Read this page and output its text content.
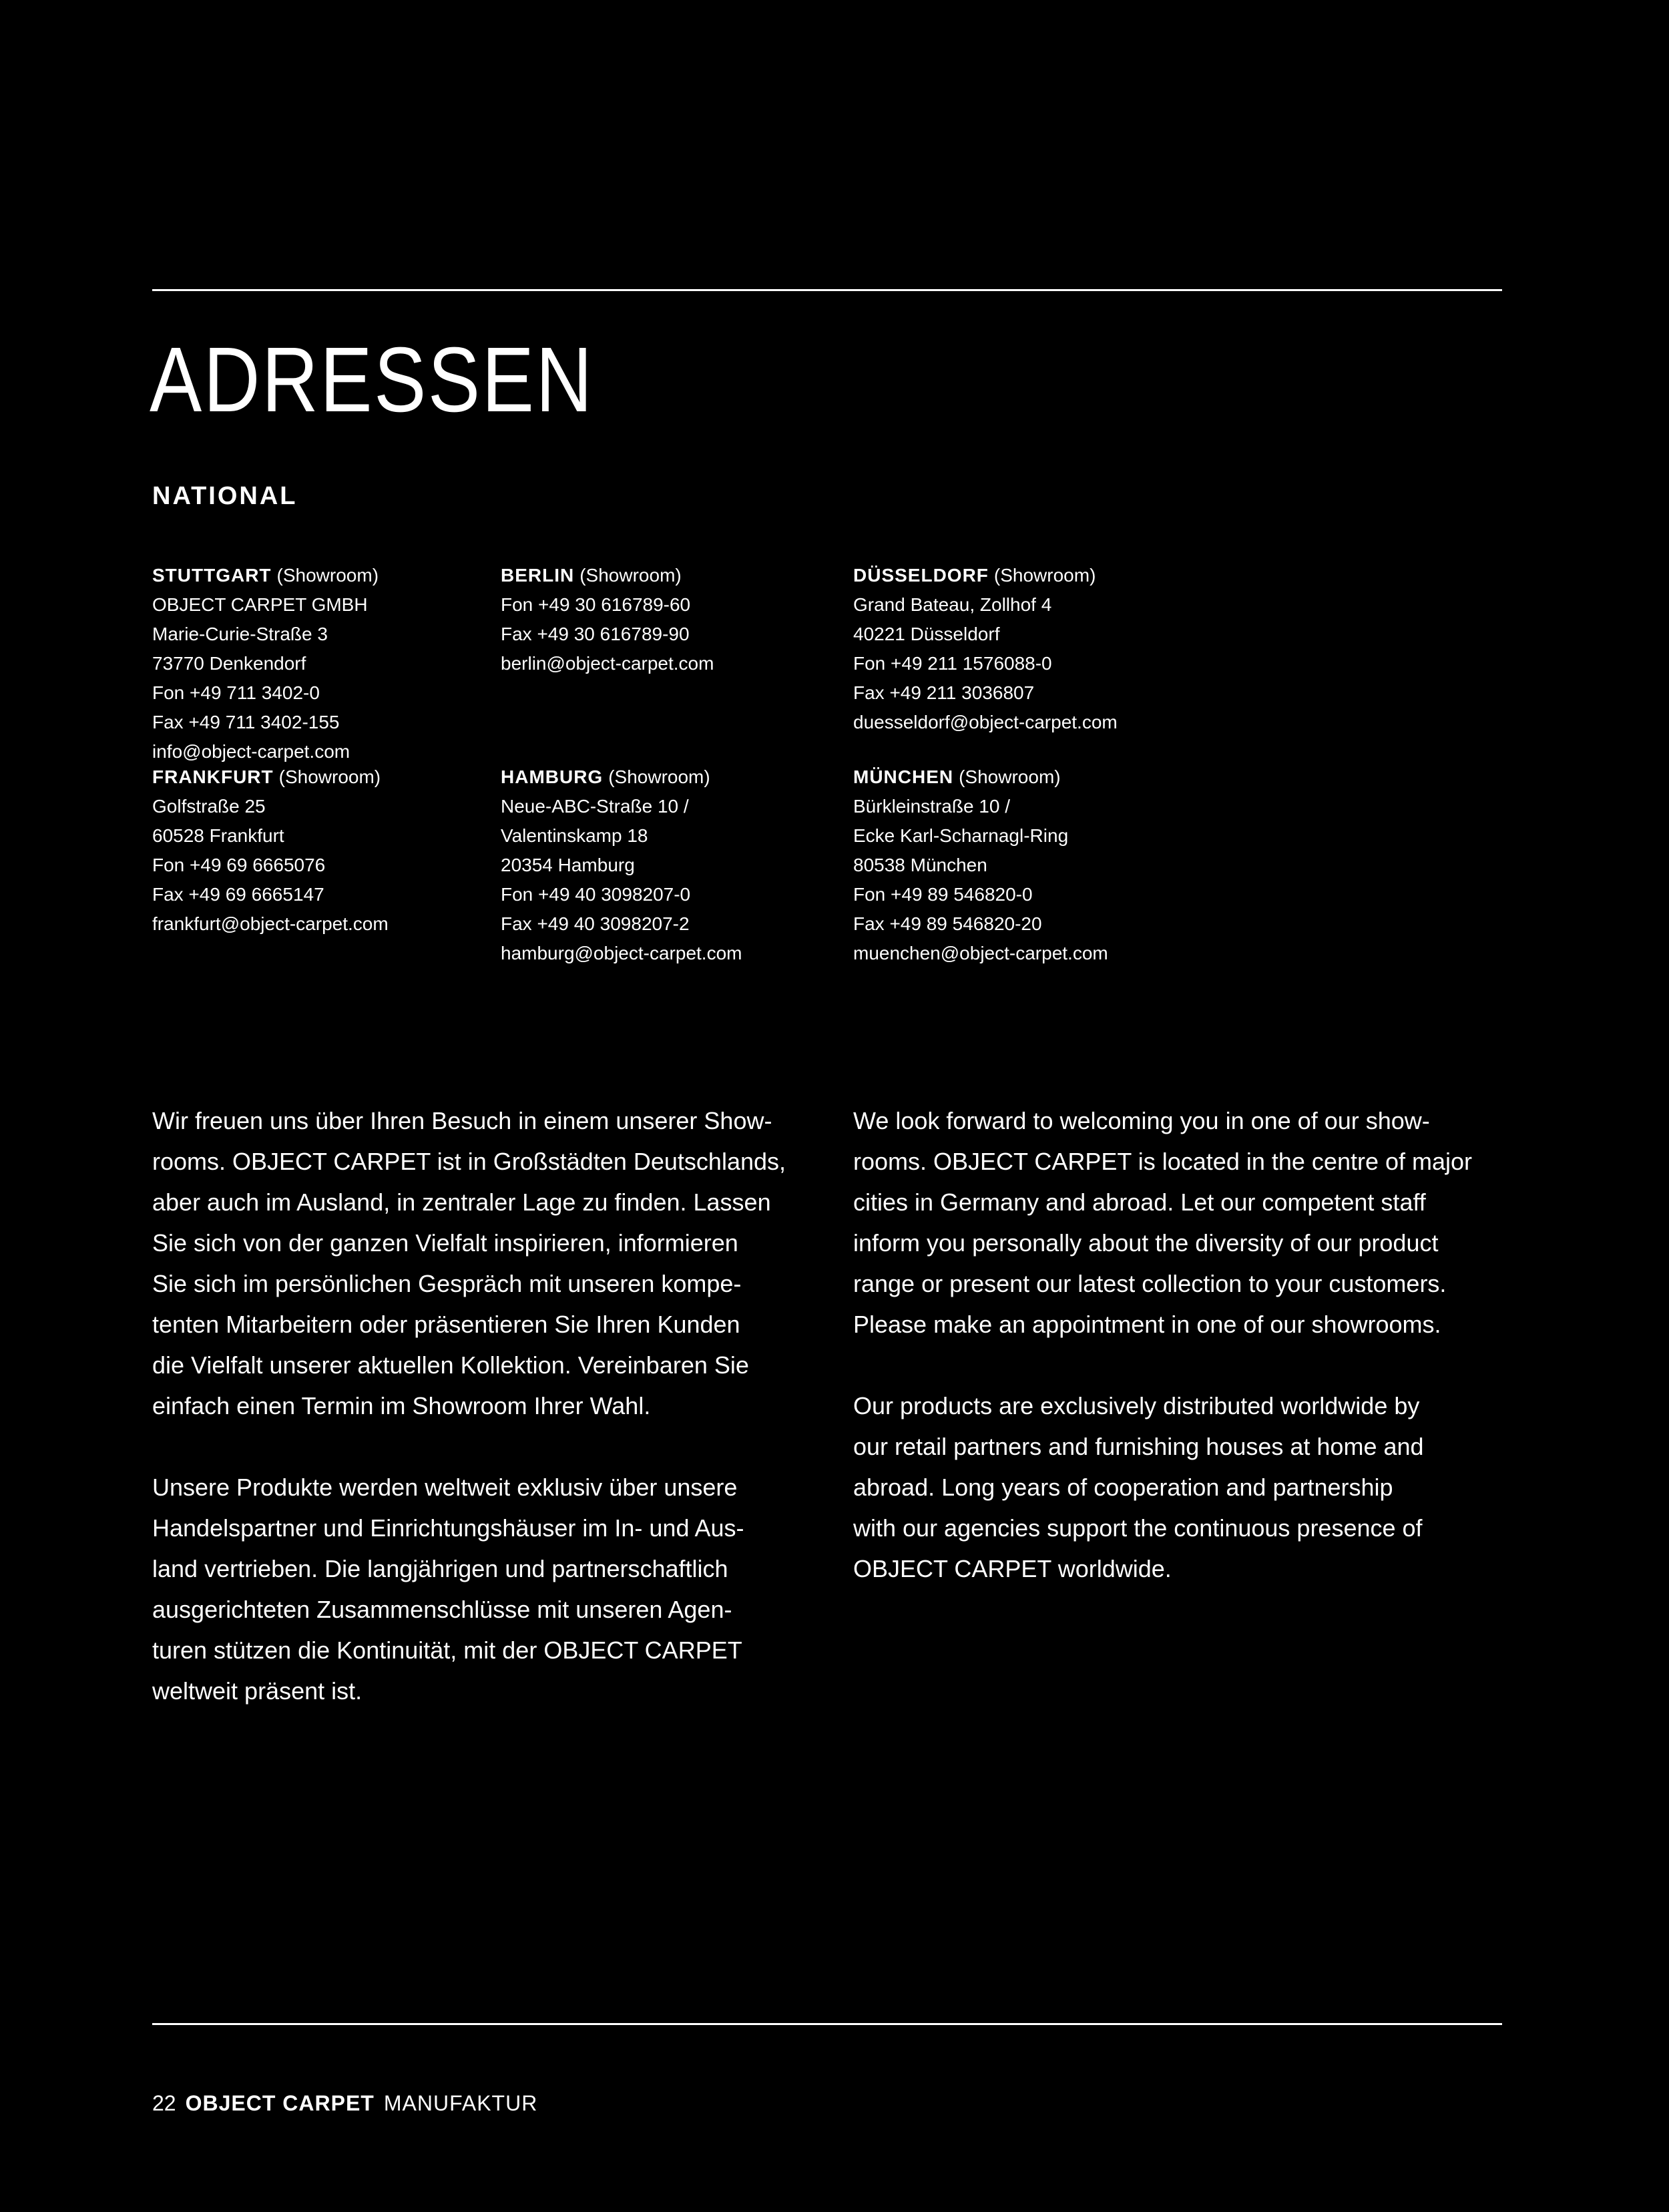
ADRESSEN
NATIONAL
STUTTGART (Showroom)
OBJECT CARPET GMBH
Marie-Curie-Straße 3
73770 Denkendorf
Fon +49 711 3402-0
Fax +49 711 3402-155
info@object-carpet.com
BERLIN (Showroom)
Fon +49 30 616789-60
Fax +49 30 616789-90
berlin@object-carpet.com
DÜSSELDORF (Showroom)
Grand Bateau, Zollhof 4
40221 Düsseldorf
Fon +49 211 1576088-0
Fax +49 211 3036807
duesseldorf@object-carpet.com
FRANKFURT (Showroom)
Golfstraße 25
60528 Frankfurt
Fon +49 69 6665076
Fax +49 69 6665147
frankfurt@object-carpet.com
HAMBURG (Showroom)
Neue-ABC-Straße 10 /
Valentinskamp 18
20354 Hamburg
Fon +49 40 3098207-0
Fax +49 40 3098207-2
hamburg@object-carpet.com
MÜNCHEN (Showroom)
Bürkleinstraße 10 /
Ecke Karl-Scharnagl-Ring
80538 München
Fon +49 89 546820-0
Fax +49 89 546820-20
muenchen@object-carpet.com
Wir freuen uns über Ihren Besuch in einem unserer Show-
rooms. OBJECT CARPET ist in Großstädten Deutschlands,
aber auch im Ausland, in zentraler Lage zu finden. Lassen
Sie sich von der ganzen Vielfalt inspirieren, informieren
Sie sich im persönlichen Gespräch mit unseren kompe-
tenten Mitarbeitern oder präsentieren Sie Ihren Kunden
die Vielfalt unserer aktuellen Kollektion. Vereinbaren Sie
einfach einen Termin im Showroom Ihrer Wahl.
Unsere Produkte werden weltweit exklusiv über unsere
Handelspartner und Einrichtungshäuser im In- und Aus-
land vertrieben. Die langjährigen und partnerschaftlich
ausgerichteten Zusammenschlüsse mit unseren Agen-
turen stützen die Kontinuität, mit der OBJECT CARPET
weltweit präsent ist.
We look forward to welcoming you in one of our show-
rooms. OBJECT CARPET is located in the centre of major
cities in Germany and abroad. Let our competent staff
inform you personally about the diversity of our product
range or present our latest collection to your customers.
Please make an appointment in one of our showrooms.
Our products are exclusively distributed worldwide by
our retail partners and furnishing houses at home and
abroad. Long years of cooperation and partnership
with our agencies support the continuous presence of
OBJECT CARPET worldwide.
22 OBJECT CARPET MANUFAKTUR
